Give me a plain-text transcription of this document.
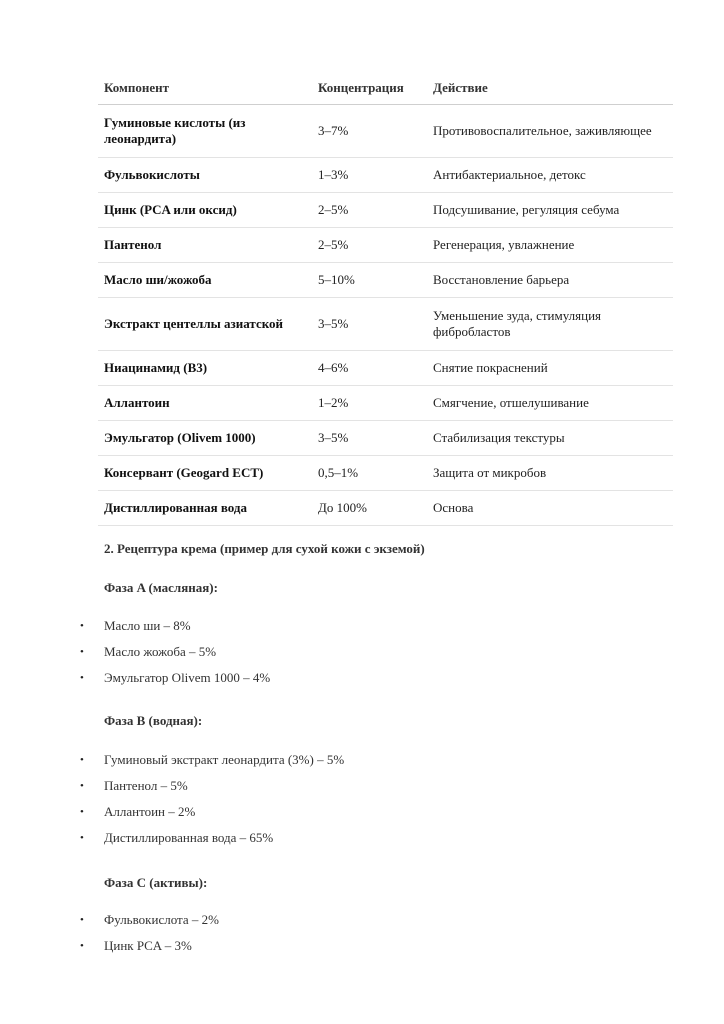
Компонент	Концентрация	Действие
Гуминовые кислоты (из леонардита)	3–7%	Противовоспалительное, заживляющее
Фульвокислоты	1–3%	Антибактериальное, детокс
Цинк (PCA или оксид)	2–5%	Подсушивание, регуляция себума
Пантенол	2–5%	Регенерация, увлажнение
Масло ши/жожоба	5–10%	Восстановление барьера
Экстракт центеллы азиатской	3–5%	Уменьшение зуда, стимуляция фибробластов
Ниацинамид (B3)	4–6%	Снятие покраснений
Аллантоин	1–2%	Смягчение, отшелушивание
Эмульгатор (Olivem 1000)	3–5%	Стабилизация текстуры
Консервант (Geogard ECT)	0,5–1%	Защита от микробов
Дистиллированная вода	До 100%	Основа

2. Рецептура крема (пример для сухой кожи с экземой)

Фаза A (масляная):

• Масло ши – 8%
• Масло жожоба – 5%
• Эмульгатор Olivem 1000 – 4%

Фаза B (водная):

• Гуминовый экстракт леонардита (3%) – 5%
• Пантенол – 5%
• Аллантоин – 2%
• Дистиллированная вода – 65%

Фаза C (активы):

• Фульвокислота – 2%
• Цинк PCA – 3%
